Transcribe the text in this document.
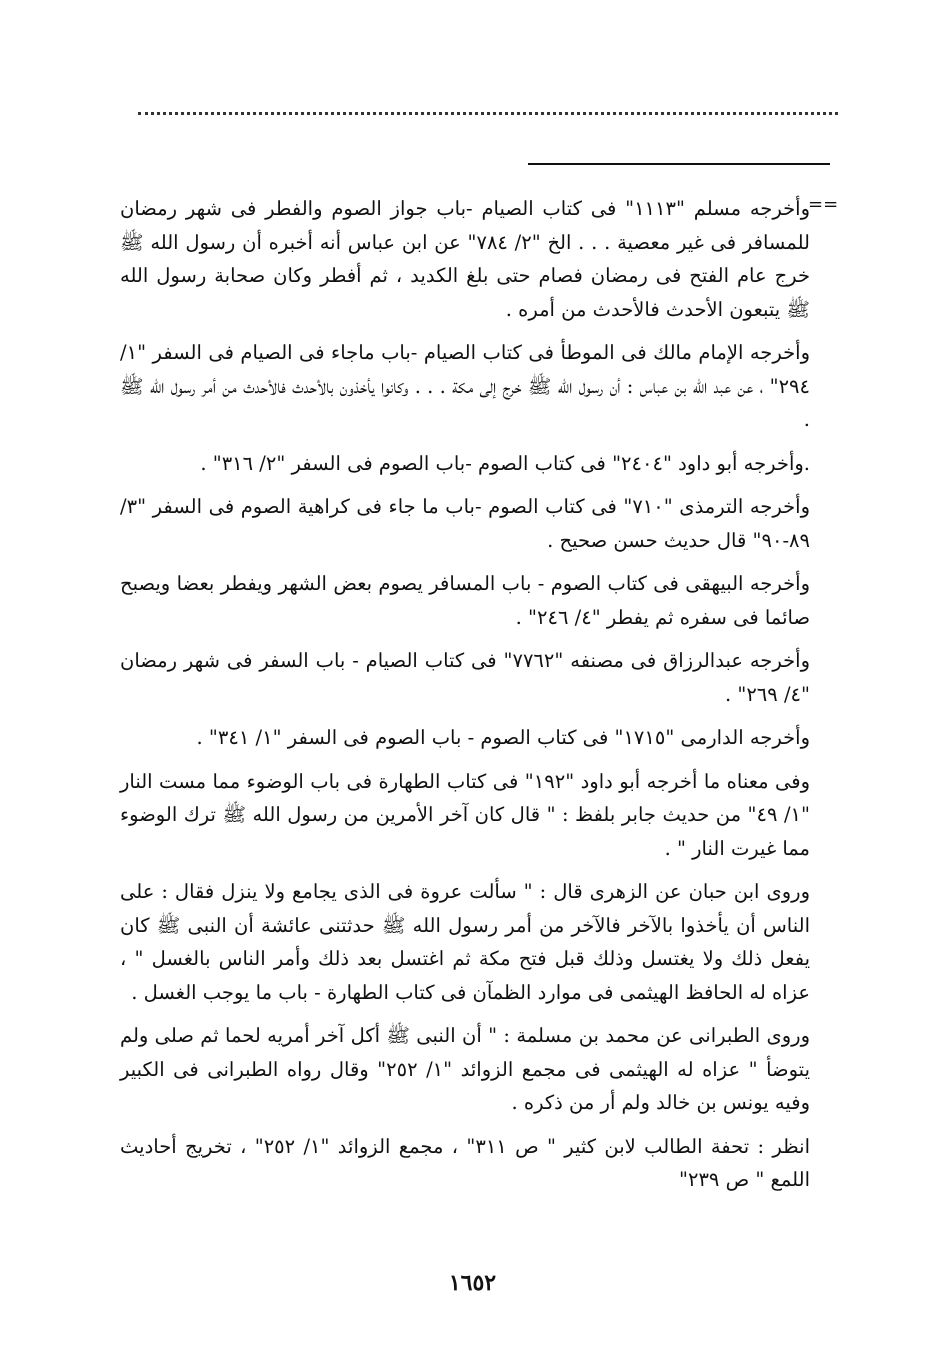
==

وأخرجه مسلم "١١١٣" فى كتاب الصيام -باب جواز الصوم والفطر فى شهر رمضان للمسافر فى غير معصية . . . الخ "٢/ ٧٨٤" عن ابن عباس أنه أخبره أن رسول الله ﷺ خرج عام الفتح فى رمضان فصام حتى بلغ الكديد ، ثم أفطر وكان صحابة رسول الله ﷺ يتبعون الأحدث فالأحدث من أمره .

وأخرجه الإمام مالك فى الموطأ فى كتاب الصيام -باب ماجاء فى الصيام فى السفر "١/ ٢٩٤" ، عن عبد الله بن عباس : أن رسول الله ﷺ خرج إلى مكة . . . وكانوا يأخذون بالأحدث فالأحدث من أمر رسول الله ﷺ .

.وأخرجه أبو داود "٢٤٠٤" فى كتاب الصوم -باب الصوم فى السفر "٢/ ٣١٦" .

وأخرجه الترمذى "٧١٠" فى كتاب الصوم -باب ما جاء فى كراهية الصوم فى السفر "٣/ ٨٩-٩٠" قال حديث حسن صحيح .

وأخرجه البيهقى فى كتاب الصوم - باب المسافر يصوم بعض الشهر ويفطر بعضا ويصبح صائما فى سفره ثم يفطر "٤/ ٢٤٦" .

وأخرجه عبدالرزاق فى مصنفه "٧٧٦٢" فى كتاب الصيام - باب السفر فى شهر رمضان "٤/ ٢٦٩" .

وأخرجه الدارمى "١٧١٥" فى كتاب الصوم - باب الصوم فى السفر "١/ ٣٤١" .

وفى معناه ما أخرجه أبو داود "١٩٢" فى كتاب الطهارة فى باب الوضوء مما مست النار "١/ ٤٩" من حديث جابر بلفظ : " قال كان آخر الأمرين من رسول الله ﷺ ترك الوضوء مما غيرت النار " .

وروى ابن حبان عن الزهرى قال : " سألت عروة فى الذى يجامع ولا ينزل فقال : على الناس أن يأخذوا بالآخر فالآخر من أمر رسول الله ﷺ حدثتنى عائشة أن النبى ﷺ كان يفعل ذلك ولا يغتسل وذلك قبل فتح مكة ثم اغتسل بعد ذلك وأمر الناس بالغسل " ، عزاه له الحافظ الهيثمى فى موارد الظمآن فى كتاب الطهارة - باب ما يوجب الغسل .

وروى الطبرانى عن محمد بن مسلمة : " أن النبى ﷺ أكل آخر أمريه لحما ثم صلى ولم يتوضأ " عزاه له الهيثمى فى مجمع الزوائد "١/ ٢٥٢" وقال رواه الطبرانى فى الكبير وفيه يونس بن خالد ولم أر من ذكره .

انظر : تحفة الطالب لابن كثير " ص ٣١١" ، مجمع الزوائد "١/ ٢٥٢" ، تخريج أحاديث اللمع " ص ٢٣٩"

١٦٥٢
